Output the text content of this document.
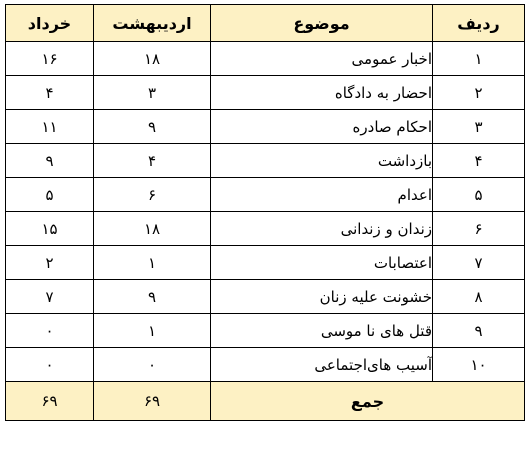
ردیف	موضوع	اردیبهشت	خرداد
۱	اخبار عمومی	۱۸	۱۶
۲	احضار به دادگاه	۳	۴
۳	احکام صادره	۹	۱۱
۴	بازداشت	۴	۹
۵	اعدام	۶	۵
۶	زندان و زندانی	۱۸	۱۵
۷	اعتصابات	۱	۲
۸	خشونت علیه زنان	۹	۷
۹	قتل های نا موسی	۱	۰
۱۰	آسیب های‌اجتماعی	۰	۰
جمع		۶۹	۶۹
